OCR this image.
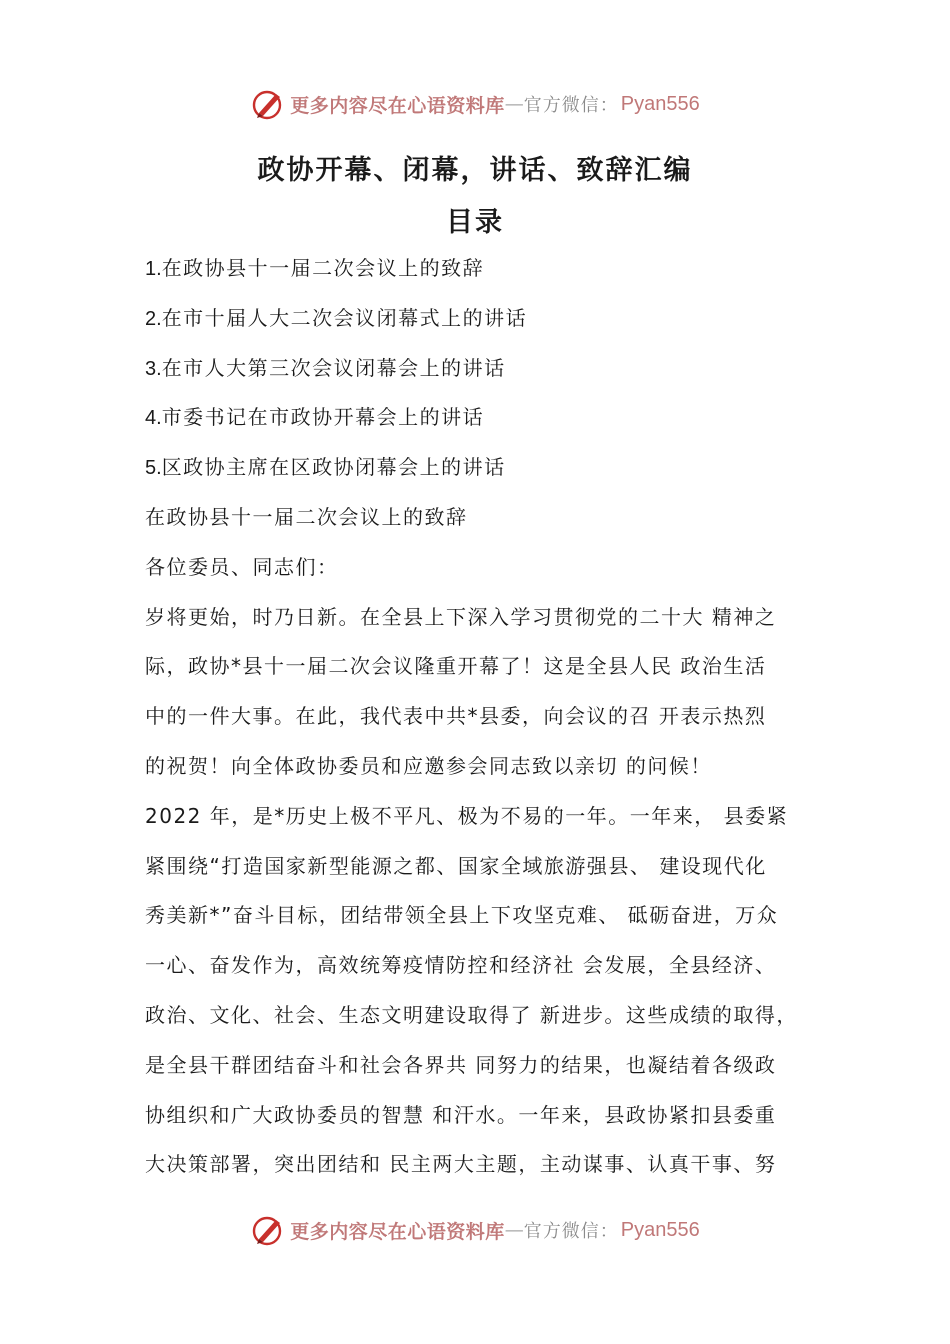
更多内容尽在心语资料库 — 官方微信： Pyan556
政协开幕、闭幕，讲话、致辞汇编
目录
1.在政协县十一届二次会议上的致辞
2.在市十届人大二次会议闭幕式上的讲话
3.在市人大第三次会议闭幕会上的讲话
4.市委书记在市政协开幕会上的讲话
5.区政协主席在区政协闭幕会上的讲话
在政协县十一届二次会议上的致辞
各位委员、同志们：
岁将更始，时乃日新。在全县上下深入学习贯彻党的二十大 精神之
际，政协*县十一届二次会议隆重开幕了！这是全县人民 政治生活
中的一件大事。在此，我代表中共*县委，向会议的召 开表示热烈
的祝贺！向全体政协委员和应邀参会同志致以亲切 的问候！
2022 年，是*历史上极不平凡、极为不易的一年。一年来， 县委紧
紧围绕“打造国家新型能源之都、国家全域旅游强县、 建设现代化
秀美新*”奋斗目标，团结带领全县上下攻坚克难、 砥砺奋进，万众
一心、奋发作为，高效统筹疫情防控和经济社 会发展，全县经济、
政治、文化、社会、生态文明建设取得了 新进步。这些成绩的取得，
是全县干群团结奋斗和社会各界共 同努力的结果，也凝结着各级政
协组织和广大政协委员的智慧 和汗水。一年来，县政协紧扣县委重
大决策部署，突出团结和 民主两大主题，主动谋事、认真干事、努
更多内容尽在心语资料库 — 官方微信： Pyan556
